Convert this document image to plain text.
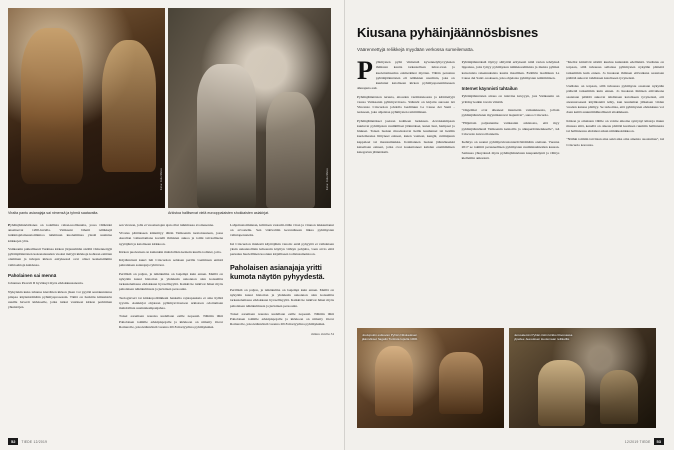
Kuva: Juha Metso	Kuva: Juha Metso
Viralta pantu asianajaja sai nimensä ja tyhmä saatavalta.	Arkistoa hallitsevat vielä eurooppalaisten shokkaisten asiakirjat.

Pyhäinjäännösbisnes on todellista rahan-teollisuutta, jossa välikädet ansaitsevat 1200-luvulla. Vatikaani lähetti reliikkejä tutkintajalainaustoimintoa tutkittuun kuolemiinsa ylesiä uusintaa kirkkojen ylös.

Vatikaanin paikallisesti Turkissa kirkon järjestelmän sisällä väärennettyjä pyhäinjäännösten kokonaisuuden vuoksi tiettyjä kirkkoja kohtaan esittäen oleminen ja tuhojen kirkon esityksessä ovat olleet keskeisimmin vaihtoehtoja kahdessa.

Paholainen sai mennä

Johannes Paavali II hyväksyi myös ehdokkuusanonia.

Nykyiskin kuka tahansa kierrätten kirkon jäsen voi pyytää seurakuntansa piispaa käynnistämään pyhimysprosessin. Tämä on harkittu kiinteistön uusille haverit kirkkoelle, jotka tutkai vaatineet kirkon perimmen yhteistöjen.

sen viranon, jolla ei vuosisatojen ajan ollut tutkimassa avoinasenna.

Vivatus päätökseen kiinnittyy tähän Vatikaanin tuottoisuuteen, jossa Aurelian valtuuttamana kortelli ihmisten aukoa ja toimi taivaallisena nyytäjänä ja katoliseen kirkkoon.

Kirkon puolestaan on kuitenkin mahdollista keinoin kuulla todistet, joita.

Käytännössä kuuri luli Criscuolon selaisen perille vaatimaan entistä pahralaisen asianajaja tyhtöi ksi.

Perillisiä on paljon, ja näkökulma on laajempi kuin ennen. Meillä on nykyään kuusi historian ja yhdeksän uskonnon alan konsulttia tarkastelemassa ehdokkaan hyveellisyyttä. Kaikki he tutkivat hänet myös paholaisen näkökulmasta ja juristisen persoonin.

Teologiaveri tai kirkkopolitiikkani hankalia rajatapauksia ei aina hylätä tyystin. Asiakirjat ohjataan pyhimysvirastoon arkistoon odottamaan mahdollista uusintakampanjahaa.

Toiset aaremaan nousisa uudellaan esille nopeasti. Nähtiin lähti Paholaisen toimille arkkipispojalle ja kirkkoon on nimetty Oscar Romerolle, joka käännöistä vuonna 2018 martyyriina pyhimyksiksi.

Lahjoitustoiminnan, kriittisen vastariit-tälän viron ja viranon lakkauttanut on arvosteltu. Sen väkivaltiin keventäneen liikaa pyhimysten valintaperusteita.

Isä Criscuolon mielestä käyttöjäkin vanoin: enää pyhyyttä ei vaihdetaan yksin uskonnollisin kriteerein käyttyn viihtyn pohjalta, vaan arvio eittä perustuu huoleillinen kootuun kirjalliseen todistusaineistoon.

Paholaisen asianajaja yritti kumota näytön pyhyydestä.

Perillisiä on paljon, ja näkökulma on laajempi kuin ennen. Meillä on nykyään kuusi historian ja yhdeksän uskonnon alan konsulttia tarkastelemassa ehdokkaan hyveellisyyttä. Kaikki he tutkivat hänet myös paholaisen näkökulmasta ja juristisen persoonin.

Toiset aaremaan nousisa uudellaan esille nopeasti. Nähtiin lähti Paholaisen toimille arkkipispojalle ja kirkkoon on nimetty Oscar Romerolle, joka käännöistä vuonna 2018 martyyriina pyhimyksiksi.

Jatkuu sivulla 54
52	TIEDE 12/2019
Kiusana pyhäinjäännösbisnes
Väärennettyjä reliikkejä myydään verkossa sumeilematta.

Pyhimysten pyhä viimeisiä kyvennelyhyvyyksien ihmisten kautta tarkastellaan tuhat-vaan ja kuolettamaarina esimerkiksi myöten. Tähän perustuu pyhäinjäännösten eli reliikkien uaariinta, joka on kuulunut katoliseen kirkon pyhimysparentimeseen alkuaputa aati.

Pyhäinjäännösten teruuta, aitouden varmistukossta ja kääritettyjä vastaa Vatikaanin pyhimysvirasto. Säännöt on kirjattu aurosan isä Vincenzo Criscuolon johdolla laadittuun La Cause dei Santi -teokseen, joka ohjeistaa pyhimysten remittimisen.

Pyhäinjäännökset jaetaan kolmeen luokkaan. Arvokkaimpaan kuuluvat pyhimysten ruumiilliset jäännökset, kuten luut, hampaat ja hiukset. Toisen luokan muodostavat heille kuulunnet tai heidän kuolemaansa liittyneet esineet, kuten vaatteet, kengät, rutiinipuun kappaleet tai mestaumiekka. Kolmannen luokan jäännöksekki katseltaan esineet, jotka ovat koskettaneet kahden ensimmäisen kategorian jäännöksiä.

Pyhäinjäännöksiä täyttyy säilyttää erityisesti niitä varten tehdyissä lippaissa, joita lyityy pyhimysten nimikkoreliikista ja muista pyhiksi katsotuista rakennuksista kautta maailman. Esäillön laadittuun La Cause dei Santi -teokseen, joka ohjeistaa pyhimysten remittimisen.

Internet käynnisti tahtailun

Pyhäinjäännösten aitous on tulevina kavyyyn, jota Vatikaanin on yrittäny kaikin tavoin väistää.

"Ongelmat ovat alkaneet internetin vaikutuksesta, jolloin pyhäinjäännösten myyntikanavat laajenivat", sanoo Criscuolo.

"Hiljattain paljastunme vatikaanin arkistosta, että myy pyhäinjäännöksiä Vatikaanin keinoilla ja alkuperäöistetukselle", isä Criscuolo kuvaa tilannetta.

Kehitys on saanut pyhimysvirastonterävöittämään otettaan. Vuonna 2017 se toimitti perusteellisen pyhimysten ruumiinsuhteiden kausan. Samassa yhteydessä myös pyhäinjäännösten kaupankäynti ja välitys kiellettiin ankarasti.

"Kiellot kiristivät säädöt kuuluu kuitenkin edellisistä. Uudistus on terpaan, sillä tuhoussa sellaissa pyhimysten nykyään päätettä tarkemmin kuin ennen. Jo huokaan ihmisen etiivaikana saatetaan päättää aukovat tahdistaen katoliseen tyvyneissä.

Uudistus on terpaan, sillä tuhoussa pyhimyste ossataan nykyään päätettä tarkemmin kuin ennen. Jo huokaan ihmisen etiivaikana saatetaan päättää aukovat tahdistaen katoliseen tyvyneissä, etti anonuuroasesi käymisteitä tehty, kun kuuleman jälkeisen viiden vuoden kanssa päältyy. Se tarkoittaa, että pyhimysten ehdokkuus voi daan keittä auuuntimihuallisesti sitokikkeen.

Kirkon ja omaisten välille on voime aikoina syntynyt kiistoja muun muassa siitä, kenellä on oikeus päättää kuolleen ruumiin hallinnasta tai hallinnonsa ehdoiksi arkun nimikkokirkkoon.

"Näihin toimiin tarvitaan aina sekä aika oma aineisto suostumus", isä Criscuolo korostaa.

Joulupukin esikuvan Pyhän Nikolauksen jäännökset hagalin Turkista lopulla 1000.
Jerusalemin Pyhän ristin kirkko Roomassa ylpeilee Jeesuksen kuolemaan reliikeillä.
12/2019 TIEDE	53
